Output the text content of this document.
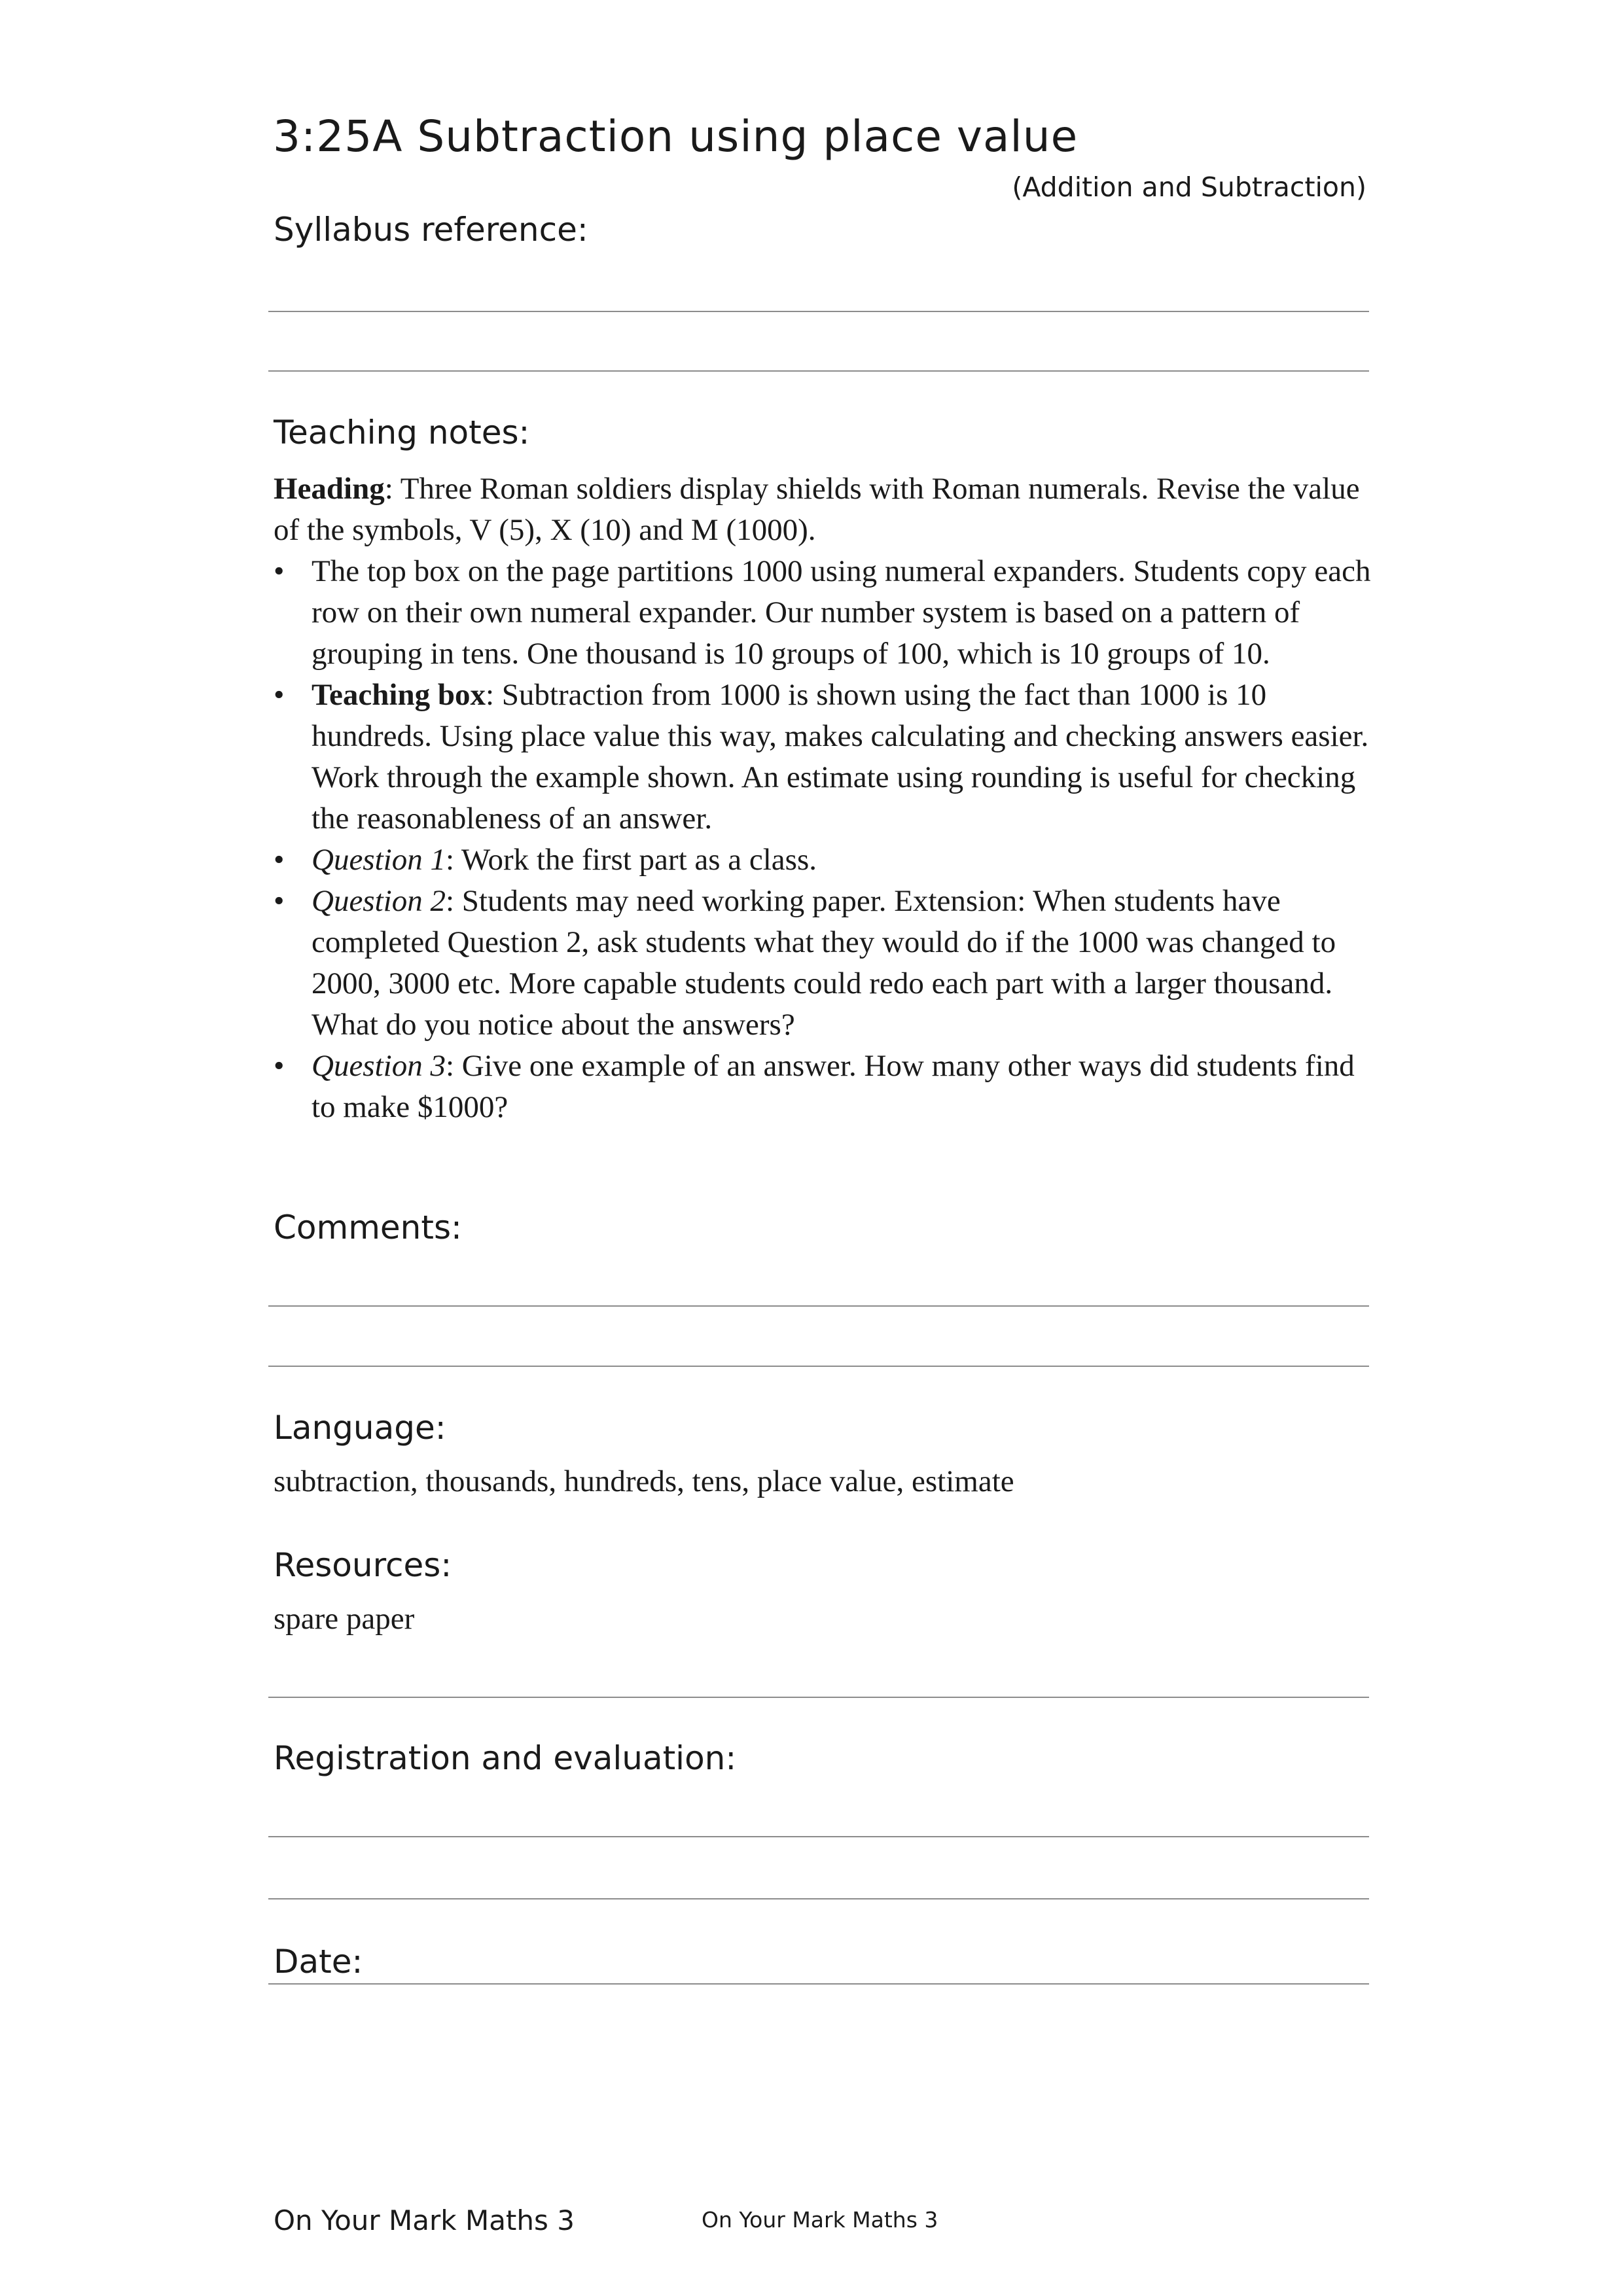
3:25A Subtraction using place value
(Addition and Subtraction)
Syllabus reference:
Teaching notes:

Heading: Three Roman soldiers display shields with Roman numerals. Revise the value of the symbols, V (5), X (10) and M (1000).

• The top box on the page partitions 1000 using numeral expanders. Students copy each row on their own numeral expander. Our number system is based on a pattern of grouping in tens. One thousand is 10 groups of 100, which is 10 groups of 10.
• Teaching box: Subtraction from 1000 is shown using the fact than 1000 is 10 hundreds. Using place value this way, makes calculating and checking answers easier. Work through the example shown. An estimate using rounding is useful for checking the reasonableness of an answer.
• Question 1: Work the first part as a class.
• Question 2: Students may need working paper. Extension: When students have completed Question 2, ask students what they would do if the 1000 was changed to 2000, 3000 etc. More capable students could redo each part with a larger thousand. What do you notice about the answers?
• Question 3: Give one example of an answer. How many other ways did students find to make $1000?
Comments:
Language:
subtraction, thousands, hundreds, tens, place value, estimate
Resources:
spare paper
Registration and evaluation:
Date:
On Your Mark Maths 3	On Your Mark Maths 3
